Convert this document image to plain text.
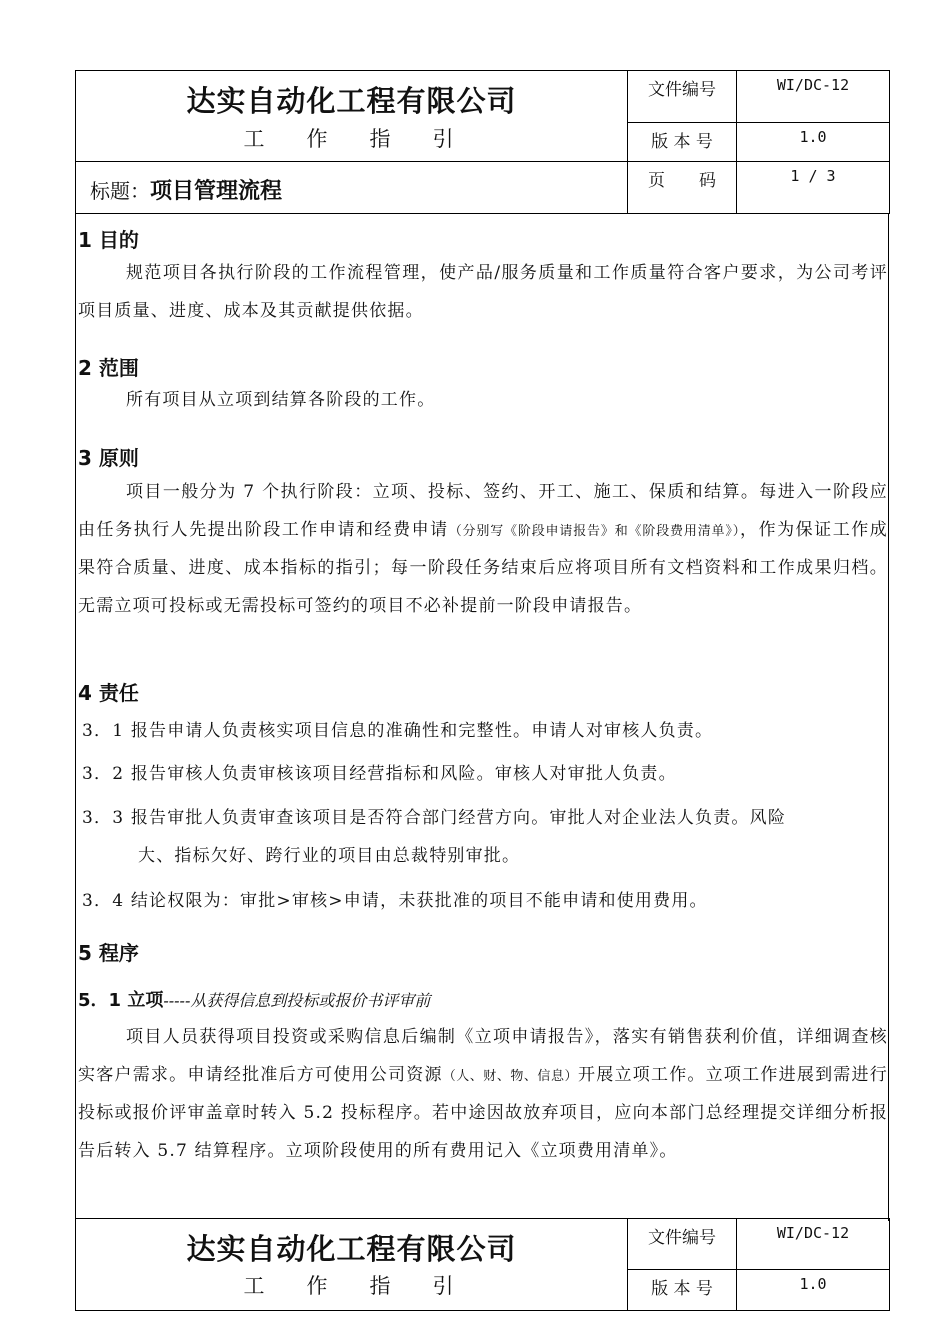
达实自动化工程有限公司
工作指引
文件编号	WI/DC-12
版 本 号	1.0
页　　码	1 / 3
标题：项目管理流程
1 目的
规范项目各执行阶段的工作流程管理，使产品/服务质量和工作质量符合客户要求，为公司考评项目质量、进度、成本及其贡献提供依据。
2 范围
所有项目从立项到结算各阶段的工作。
3 原则
项目一般分为 7 个执行阶段：立项、投标、签约、开工、施工、保质和结算。每进入一阶段应由任务执行人先提出阶段工作申请和经费申请（分别写《阶段申请报告》和《阶段费用清单》），作为保证工作成果符合质量、进度、成本指标的指引；每一阶段任务结束后应将项目所有文档资料和工作成果归档。无需立项可投标或无需投标可签约的项目不必补提前一阶段申请报告。
4 责任
3．1 报告申请人负责核实项目信息的准确性和完整性。申请人对审核人负责。
3．2 报告审核人负责审核该项目经营指标和风险。审核人对审批人负责。
3．3 报告审批人负责审查该项目是否符合部门经营方向。审批人对企业法人负责。风险
大、指标欠好、跨行业的项目由总裁特别审批。
3．4 结论权限为：审批>审核>申请，未获批准的项目不能申请和使用费用。
5 程序
5．1 立项-----从获得信息到投标或报价书评审前
项目人员获得项目投资或采购信息后编制《立项申请报告》，落实有销售获利价值，详细调查核实客户需求。申请经批准后方可使用公司资源（人、财、物、信息）开展立项工作。立项工作进展到需进行投标或报价评审盖章时转入 5.2 投标程序。若中途因故放弃项目，应向本部门总经理提交详细分析报告后转入 5.7 结算程序。立项阶段使用的所有费用记入《立项费用清单》。
达实自动化工程有限公司
工作指引
文件编号	WI/DC-12
版 本 号	1.0
